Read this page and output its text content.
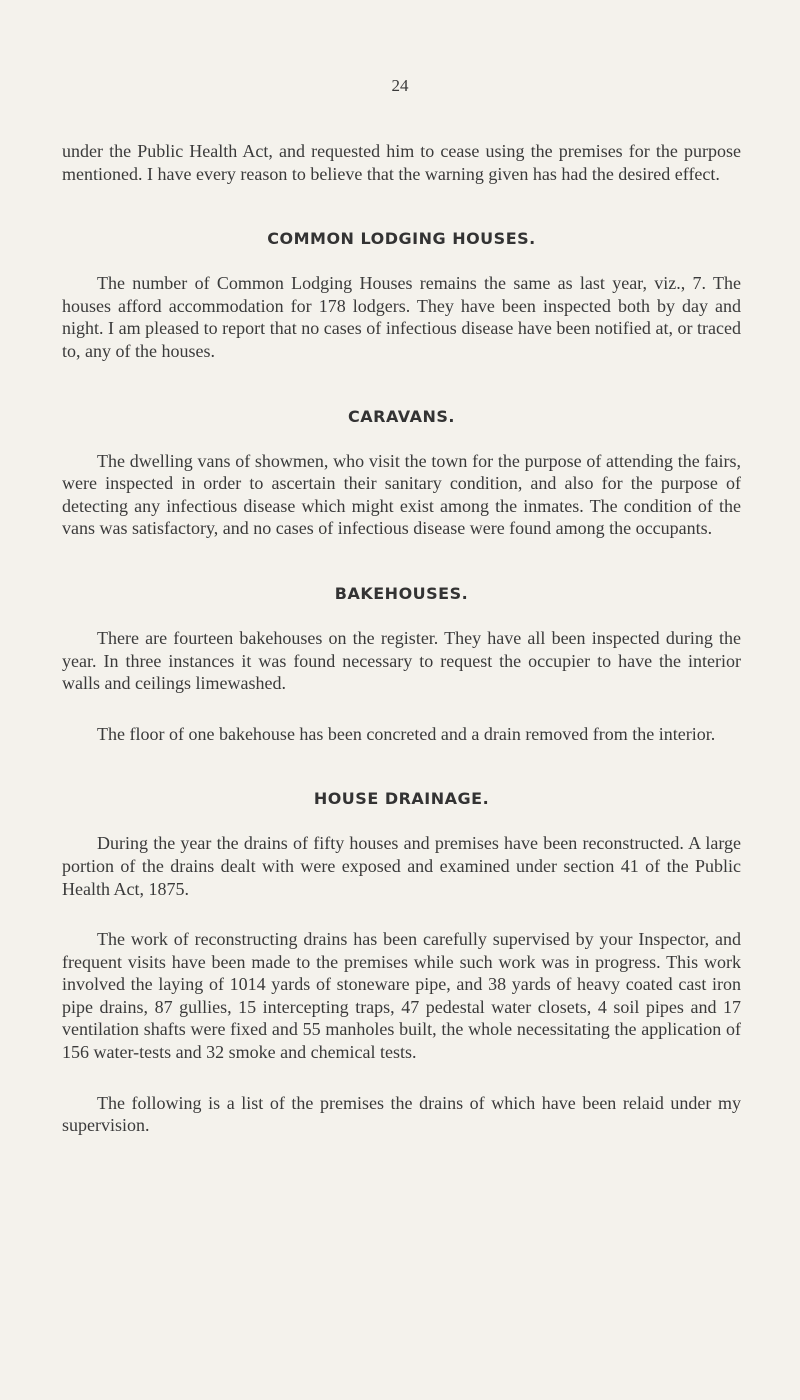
24

under the Public Health Act, and requested him to cease using the premises for the purpose mentioned. I have every reason to believe that the warning given has had the desired effect.

COMMON LODGING HOUSES.

The number of Common Lodging Houses remains the same as last year, viz., 7. The houses afford accommodation for 178 lodgers. They have been inspected both by day and night. I am pleased to report that no cases of infectious disease have been notified at, or traced to, any of the houses.

CARAVANS.

The dwelling vans of showmen, who visit the town for the purpose of attending the fairs, were inspected in order to ascertain their sanitary condition, and also for the purpose of detecting any infectious disease which might exist among the inmates. The condition of the vans was satisfactory, and no cases of infectious disease were found among the occupants.

BAKEHOUSES.

There are fourteen bakehouses on the register. They have all been inspected during the year. In three instances it was found necessary to request the occupier to have the interior walls and ceilings limewashed.

The floor of one bakehouse has been concreted and a drain removed from the interior.

HOUSE DRAINAGE.

During the year the drains of fifty houses and premises have been reconstructed. A large portion of the drains dealt with were exposed and examined under section 41 of the Public Health Act, 1875.

The work of reconstructing drains has been carefully supervised by your Inspector, and frequent visits have been made to the premises while such work was in progress. This work involved the laying of 1014 yards of stoneware pipe, and 38 yards of heavy coated cast iron pipe drains, 87 gullies, 15 intercepting traps, 47 pedestal water closets, 4 soil pipes and 17 ventilation shafts were fixed and 55 manholes built, the whole necessitating the application of 156 water-tests and 32 smoke and chemical tests.

The following is a list of the premises the drains of which have been relaid under my supervision.
